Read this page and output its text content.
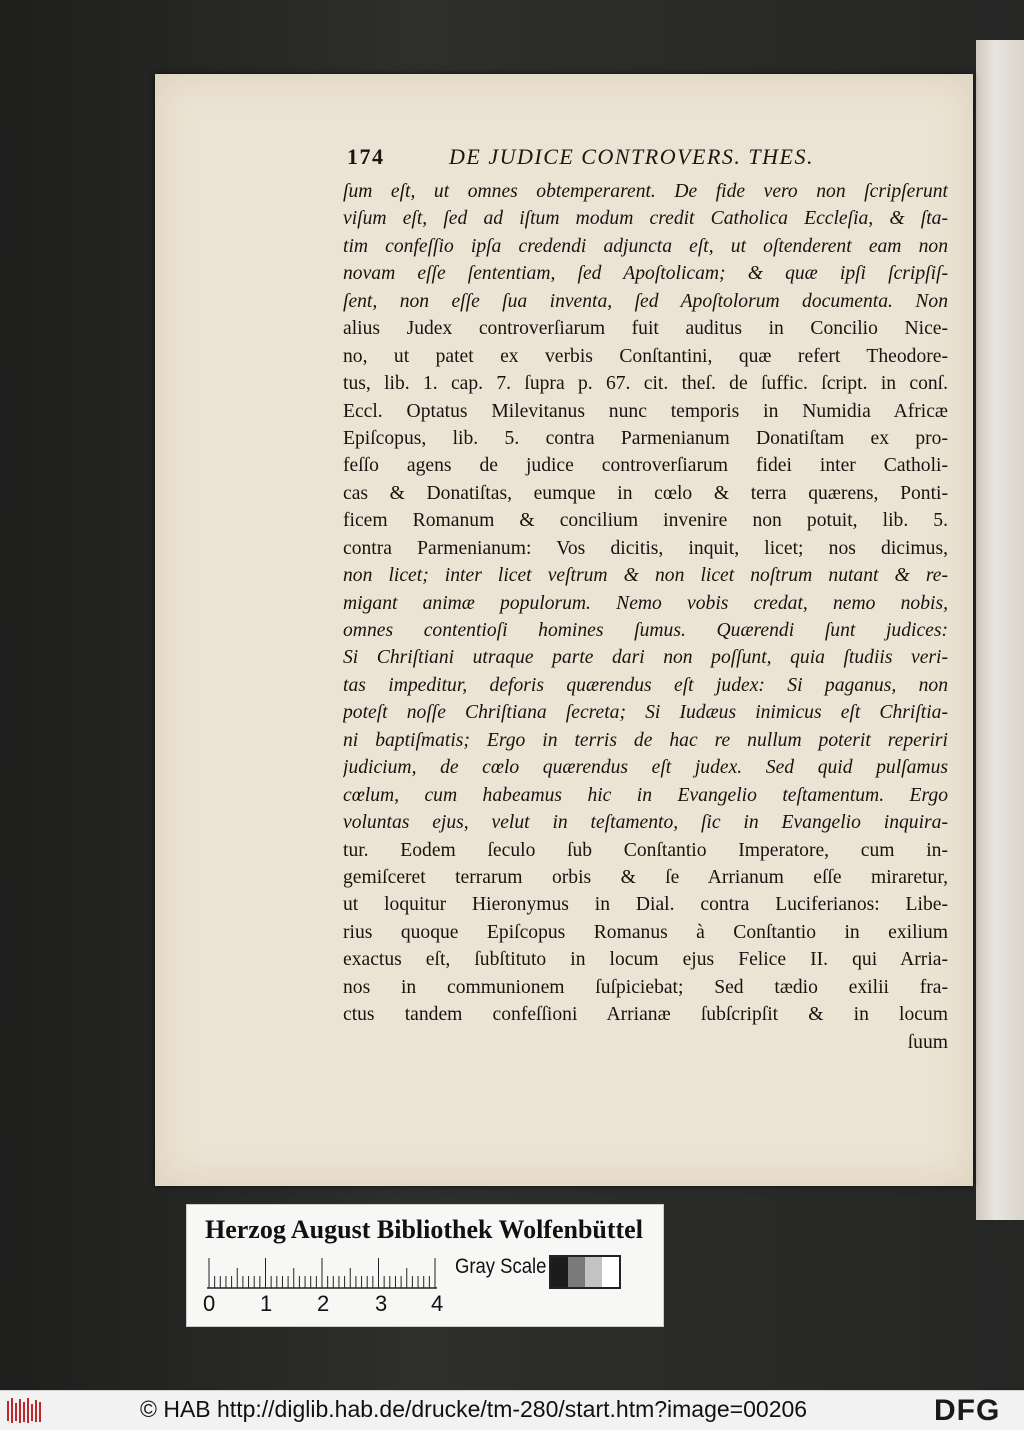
174	DE JUDICE CONTROVERS. THES.
ſum eſt, ut omnes obtemperarent. De fide vero non ſcripſerunt
viſum eſt, ſed ad iſtum modum credit Catholica Eccleſia, & ſta-
tim confeſſio ipſa credendi adjuncta eſt, ut oſtenderent eam non
novam eſſe ſententiam, ſed Apoſtolicam; & quæ ipſi ſcripſiſ-
ſent, non eſſe ſua inventa, ſed Apoſtolorum documenta. Non
alius Judex controverſiarum fuit auditus in Concilio Nice-
no, ut patet ex verbis Conſtantini, quæ refert Theodore-
tus, lib. 1. cap. 7. ſupra p. 67. cit. theſ. de ſuffic. ſcript. in conſ.
Eccl. Optatus Milevitanus nunc temporis in Numidia Africæ
Epiſcopus, lib. 5. contra Parmenianum Donatiſtam ex pro-
feſſo agens de judice controverſiarum fidei inter Catholi-
cas & Donatiſtas, eumque in cœlo & terra quærens, Ponti-
ficem Romanum & concilium invenire non potuit, lib. 5.
contra Parmenianum: Vos dicitis, inquit, licet; nos dicimus,
non licet; inter licet veſtrum & non licet noſtrum nutant & re-
migant animæ populorum. Nemo vobis credat, nemo nobis,
omnes contentioſi homines ſumus. Quærendi ſunt judices:
Si Chriſtiani utraque parte dari non poſſunt, quia ſtudiis veri-
tas impeditur, deforis quærendus eſt judex: Si paganus, non
poteſt noſſe Chriſtiana ſecreta; Si Iudæus inimicus eſt Chriſtia-
ni baptiſmatis; Ergo in terris de hac re nullum poterit reperiri
judicium, de cœlo quærendus eſt judex. Sed quid pulſamus
cœlum, cum habeamus hic in Evangelio teſtamentum. Ergo
voluntas ejus, velut in teſtamento, ſic in Evangelio inquira-
tur. Eodem ſeculo ſub Conſtantio Imperatore, cum in-
gemiſceret terrarum orbis & ſe Arrianum eſſe miraretur,
ut loquitur Hieronymus in Dial. contra Luciferianos: Libe-
rius quoque Epiſcopus Romanus à Conſtantio in exilium
exactus eſt, ſubſtituto in locum ejus Felice II. qui Arria-
nos in communionem ſuſpiciebat; Sed tædio exilii fra-
ctus tandem confeſſioni Arrianæ ſubſcripſit & in locum
ſuum
Herzog August Bibliothek Wolfenbüttel
0 1 2 3 4
Gray Scale
© HAB http://diglib.hab.de/drucke/tm-280/start.htm?image=00206	DFG
